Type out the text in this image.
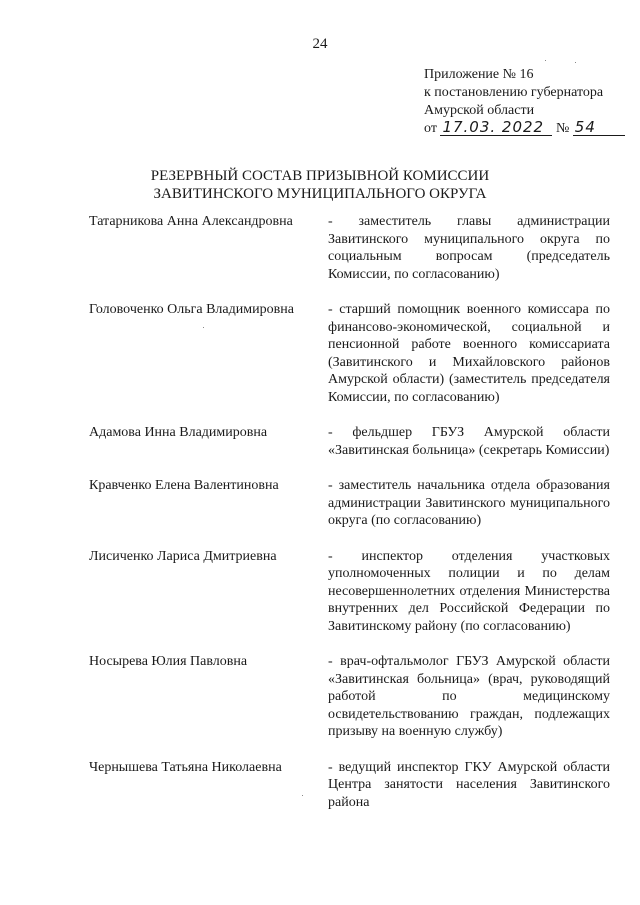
24
Приложение № 16
к постановлению губернатора
Амурской области
от 17.03. 2022 № 54
РЕЗЕРВНЫЙ СОСТАВ ПРИЗЫВНОЙ КОМИССИИ
ЗАВИТИНСКОГО МУНИЦИПАЛЬНОГО ОКРУГА
Татарникова Анна Александровна	- заместитель главы администрации Завитинского муниципального округа по социальным вопросам (председатель Комиссии, по согласованию)
Головоченко Ольга Владимировна	- старший помощник военного комиссара по финансово-экономической, социальной и пенсионной работе военного комиссариата (Завитинского и Михайловского районов Амурской области) (заместитель председателя Комиссии, по согласованию)
Адамова Инна Владимировна	- фельдшер ГБУЗ Амурской области «Завитинская больница» (секретарь Комиссии)
Кравченко Елена Валентиновна	- заместитель начальника отдела образования администрации Завитинского муниципального округа (по согласованию)
Лисиченко Лариса Дмитриевна	- инспектор отделения участковых уполномоченных полиции и по делам несовершеннолетних отделения Министерства внутренних дел Российской Федерации по Завитинскому району (по согласованию)
Носырева Юлия Павловна	- врач-офтальмолог ГБУЗ Амурской области «Завитинская больница» (врач, руководящий работой по медицинскому освидетельствованию граждан, подлежащих призыву на военную службу)
Чернышева Татьяна Николаевна	- ведущий инспектор ГКУ Амурской области Центра занятости населения Завитинского района
